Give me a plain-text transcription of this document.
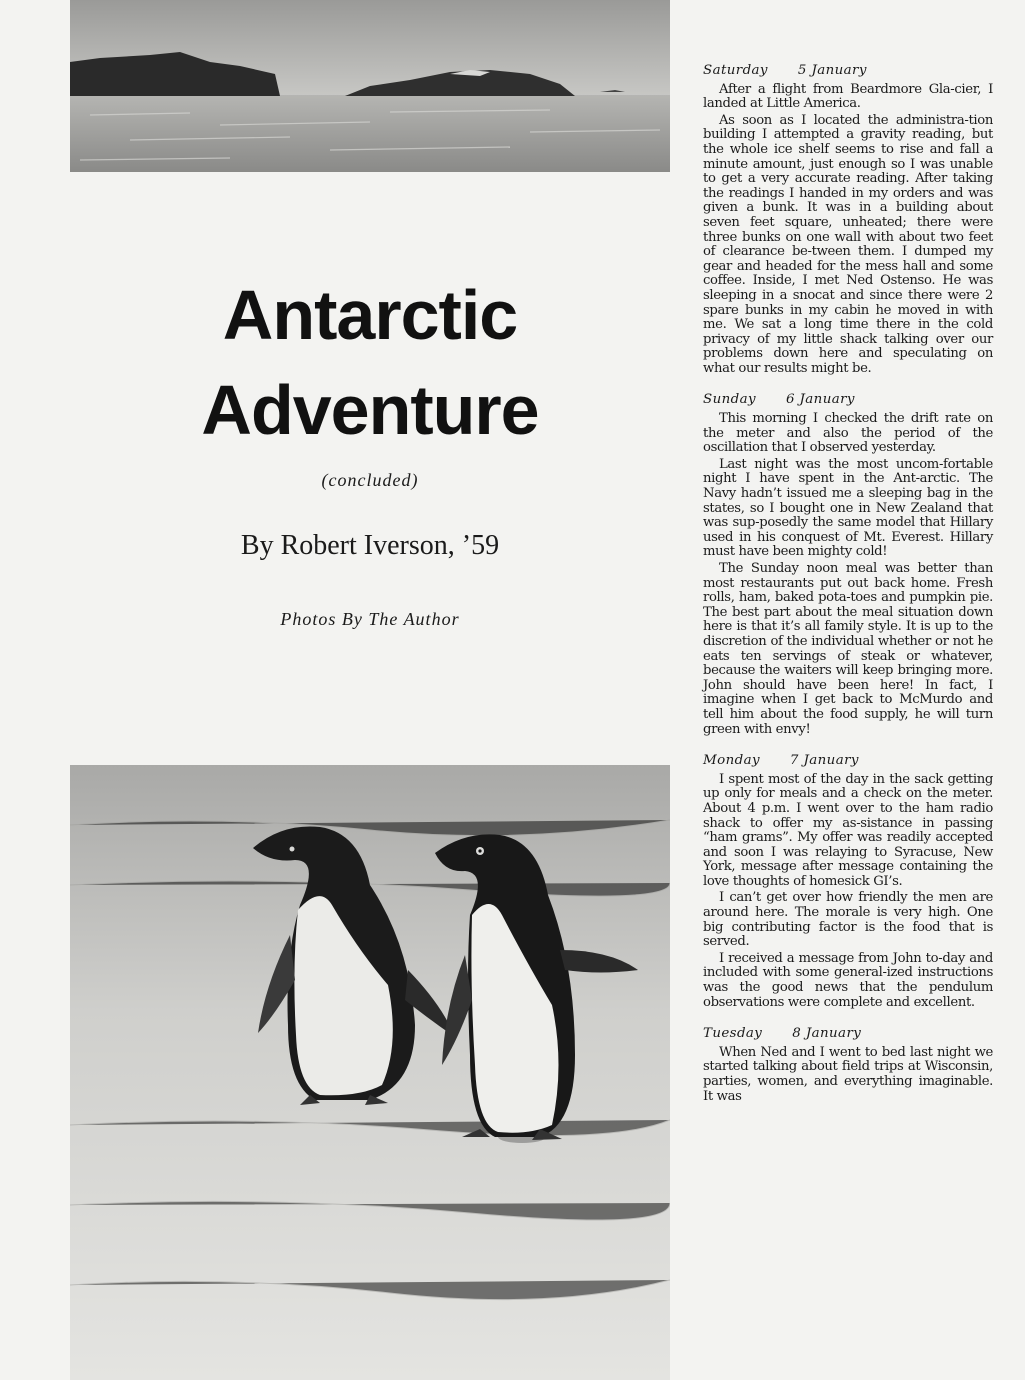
Antarctic
Adventure
(concluded)
By Robert Iverson, ’59
Photos By The Author
Saturday 5 January

After a flight from Beardmore Gla-cier, I landed at Little America.

As soon as I located the administra-tion building I attempted a gravity reading, but the whole ice shelf seems to rise and fall a minute amount, just enough so I was unable to get a very accurate reading. After taking the readings I handed in my orders and was given a bunk. It was in a building about seven feet square, unheated; there were three bunks on one wall with about two feet of clearance be-tween them. I dumped my gear and headed for the mess hall and some coffee. Inside, I met Ned Ostenso. He was sleeping in a snocat and since there were 2 spare bunks in my cabin he moved in with me. We sat a long time there in the cold privacy of my little shack talking over our problems down here and speculating on what our results might be.

Sunday 6 January

This morning I checked the drift rate on the meter and also the period of the oscillation that I observed yesterday.

Last night was the most uncom-fortable night I have spent in the Ant-arctic. The Navy hadn’t issued me a sleeping bag in the states, so I bought one in New Zealand that was sup-posedly the same model that Hillary used in his conquest of Mt. Everest. Hillary must have been mighty cold!

The Sunday noon meal was better than most restaurants put out back home. Fresh rolls, ham, baked pota-toes and pumpkin pie. The best part about the meal situation down here is that it’s all family style. It is up to the discretion of the individual whether or not he eats ten servings of steak or whatever, because the waiters will keep bringing more. John should have been here! In fact, I imagine when I get back to McMurdo and tell him about the food supply, he will turn green with envy!

Monday 7 January

I spent most of the day in the sack getting up only for meals and a check on the meter. About 4 p.m. I went over to the ham radio shack to offer my as-sistance in passing “ham grams”. My offer was readily accepted and soon I was relaying to Syracuse, New York, message after message containing the love thoughts of homesick GI’s.

I can’t get over how friendly the men are around here. The morale is very high. One big contributing factor is the food that is served.

I received a message from John to-day and included with some general-ized instructions was the good news that the pendulum observations were complete and excellent.

Tuesday 8 January

When Ned and I went to bed last night we started talking about field trips at Wisconsin, parties, women, and everything imaginable. It was
